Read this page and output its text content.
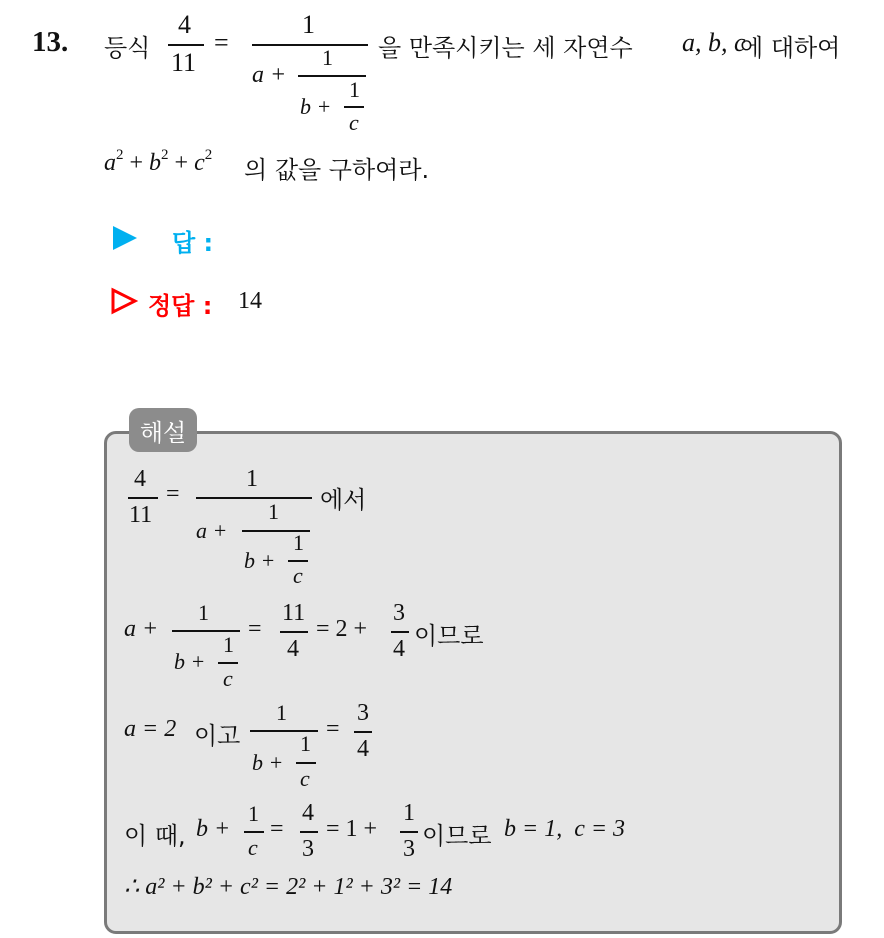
13. 등식
4
11
=
1
a +
1
b +
1
c
을 만족시키는 세 자연수 a, b, c
에 대하여
$a^2 + b^2 + c^2$
의 값을 구하여라.
답 :
정답 : 14
해설
4
11
=
1
a +
1
b +
1
c
에서
a +
1
b +
1
c
=
11
4
= 2 +
3
4 이므로
a = 2 이고
1
b +
1
c
=
3
4
이 때, b +
1
c
=
4
3
= 1 +
1
3 이므로 b = 1,  c = 3
∴ a² + b² + c² = 2² + 1² + 3² = 14
